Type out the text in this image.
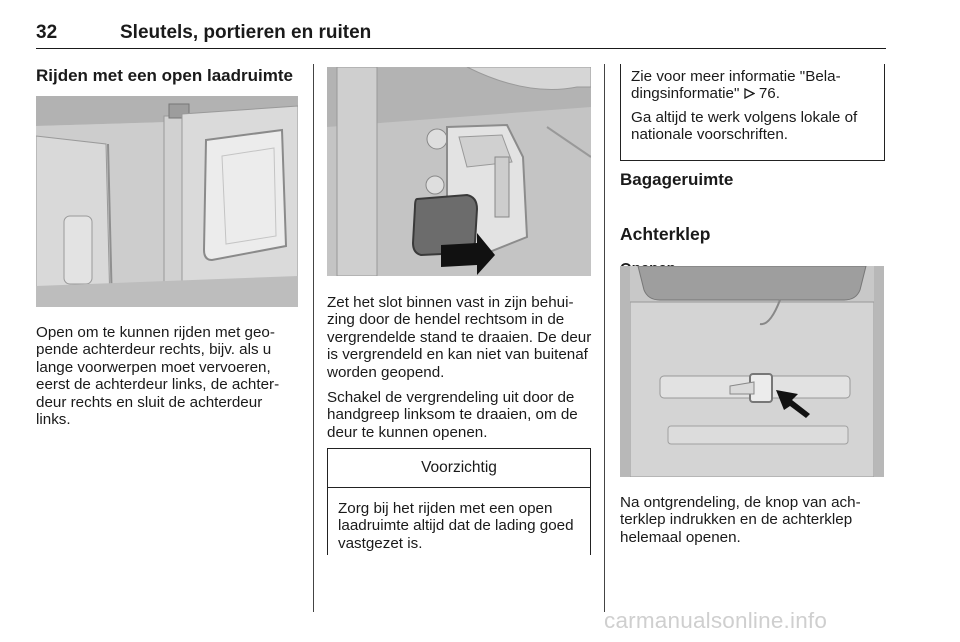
32	Sleutels, portieren en ruiten
Rijden met een open laadruimte

Open om te kunnen rijden met geo-pende achterdeur rechts, bijv. als u lange voorwerpen moet vervoeren, eerst de achterdeur links, de achter-deur rechts en sluit de achterdeur links.

Zet het slot binnen vast in zijn behui-zing door de hendel rechtsom in de vergrendelde stand te draaien. De deur is vergrendeld en kan niet van buitenaf worden geopend.

Schakel de vergrendeling uit door de handgreep linksom te draaien, om de deur te kunnen openen.

Voorzichtig

Zorg bij het rijden met een open laadruimte altijd dat de lading goed vastgezet is.

Zie voor meer informatie "Bela-dingsinformatie" 76.

Ga altijd te werk volgens lokale of nationale voorschriften.

Bagageruimte
Achterklep

Na ontgrendeling, de knop van ach-terklep indrukken en de achterklep helemaal openen.

carmanualsonline.info
